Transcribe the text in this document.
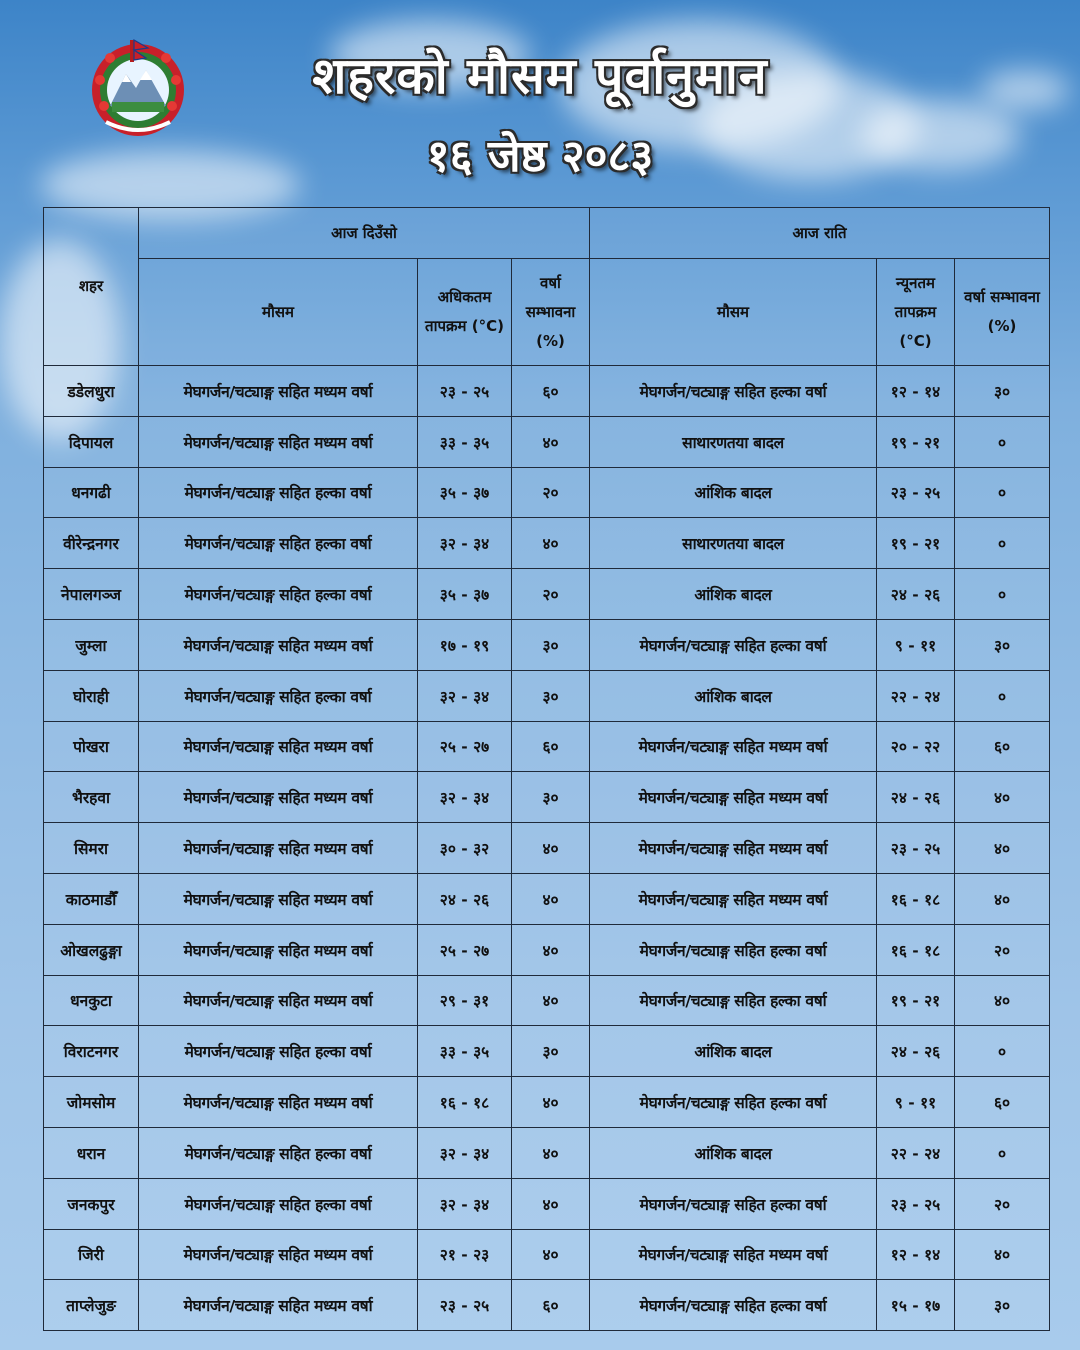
शहरको मौसम पूर्वानुमान
१६ जेष्ठ २०८३
शहर	आज दिउँसो			आज राति		
	मौसम	अधिकतम तापक्रम (°C)	वर्षा सम्भावना (%)	मौसम	न्यूनतम तापक्रम (°C)	वर्षा सम्भावना (%)
डडेलधुरा	मेघगर्जन/चट्याङ्ग सहित मध्यम वर्षा	२३ - २५	६०	मेघगर्जन/चट्याङ्ग सहित हल्का वर्षा	१२ - १४	३०
दिपायल	मेघगर्जन/चट्याङ्ग सहित मध्यम वर्षा	३३ - ३५	४०	साथारणतया बादल	१९ - २१	०
धनगढी	मेघगर्जन/चट्याङ्ग सहित हल्का वर्षा	३५ - ३७	२०	आंशिक बादल	२३ - २५	०
वीरेन्द्रनगर	मेघगर्जन/चट्याङ्ग सहित हल्का वर्षा	३२ - ३४	४०	साथारणतया बादल	१९ - २१	०
नेपालगञ्ज	मेघगर्जन/चट्याङ्ग सहित हल्का वर्षा	३५ - ३७	२०	आंशिक बादल	२४ - २६	०
जुम्ला	मेघगर्जन/चट्याङ्ग सहित मध्यम वर्षा	१७ - १९	३०	मेघगर्जन/चट्याङ्ग सहित हल्का वर्षा	९ - ११	३०
घोराही	मेघगर्जन/चट्याङ्ग सहित हल्का वर्षा	३२ - ३४	३०	आंशिक बादल	२२ - २४	०
पोखरा	मेघगर्जन/चट्याङ्ग सहित मध्यम वर्षा	२५ - २७	६०	मेघगर्जन/चट्याङ्ग सहित मध्यम वर्षा	२० - २२	६०
भैरहवा	मेघगर्जन/चट्याङ्ग सहित मध्यम वर्षा	३२ - ३४	३०	मेघगर्जन/चट्याङ्ग सहित मध्यम वर्षा	२४ - २६	४०
सिमरा	मेघगर्जन/चट्याङ्ग सहित मध्यम वर्षा	३० - ३२	४०	मेघगर्जन/चट्याङ्ग सहित मध्यम वर्षा	२३ - २५	४०
काठमाडौँ	मेघगर्जन/चट्याङ्ग सहित मध्यम वर्षा	२४ - २६	४०	मेघगर्जन/चट्याङ्ग सहित मध्यम वर्षा	१६ - १८	४०
ओखलढुङ्गा	मेघगर्जन/चट्याङ्ग सहित मध्यम वर्षा	२५ - २७	४०	मेघगर्जन/चट्याङ्ग सहित हल्का वर्षा	१६ - १८	२०
धनकुटा	मेघगर्जन/चट्याङ्ग सहित मध्यम वर्षा	२९ - ३१	४०	मेघगर्जन/चट्याङ्ग सहित हल्का वर्षा	१९ - २१	४०
विराटनगर	मेघगर्जन/चट्याङ्ग सहित हल्का वर्षा	३३ - ३५	३०	आंशिक बादल	२४ - २६	०
जोमसोम	मेघगर्जन/चट्याङ्ग सहित मध्यम वर्षा	१६ - १८	४०	मेघगर्जन/चट्याङ्ग सहित हल्का वर्षा	९ - ११	६०
धरान	मेघगर्जन/चट्याङ्ग सहित हल्का वर्षा	३२ - ३४	४०	आंशिक बादल	२२ - २४	०
जनकपुर	मेघगर्जन/चट्याङ्ग सहित हल्का वर्षा	३२ - ३४	४०	मेघगर्जन/चट्याङ्ग सहित हल्का वर्षा	२३ - २५	२०
जिरी	मेघगर्जन/चट्याङ्ग सहित मध्यम वर्षा	२१ - २३	४०	मेघगर्जन/चट्याङ्ग सहित मध्यम वर्षा	१२ - १४	४०
ताप्लेजुङ	मेघगर्जन/चट्याङ्ग सहित मध्यम वर्षा	२३ - २५	६०	मेघगर्जन/चट्याङ्ग सहित हल्का वर्षा	१५ - १७	३०
